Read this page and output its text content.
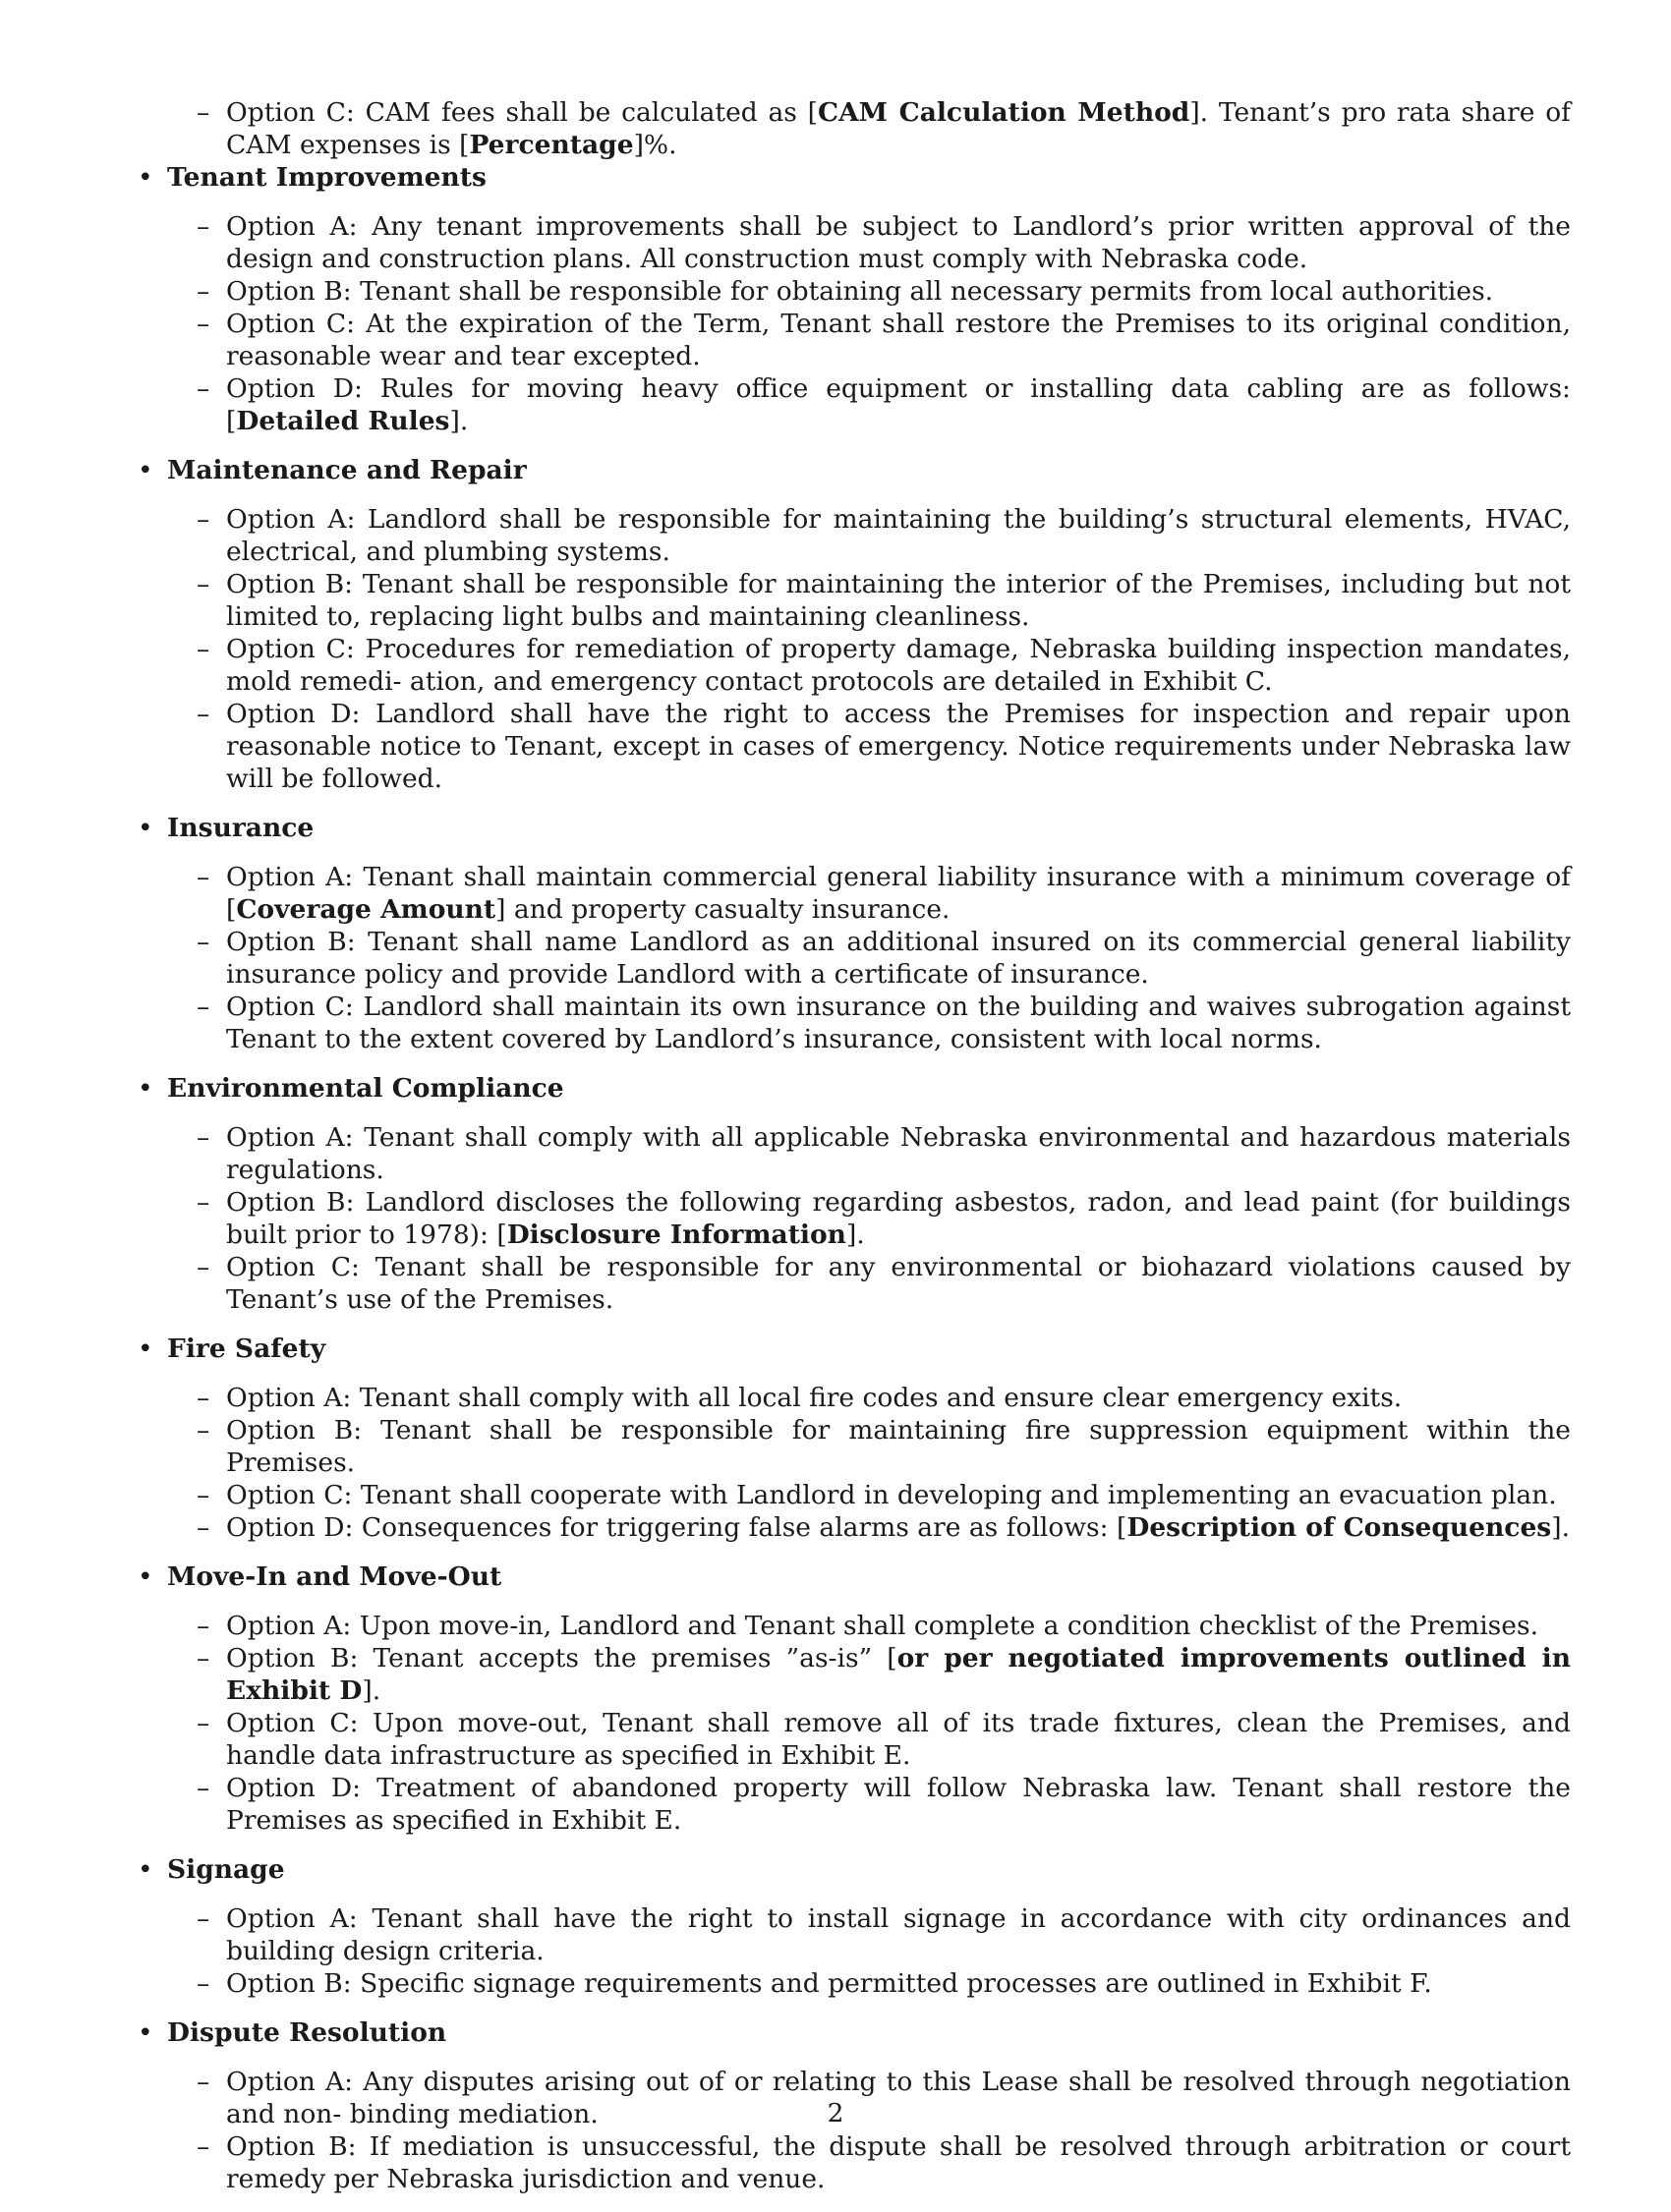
– Option C: CAM fees shall be calculated as [CAM Calculation Method]. Tenant’s pro rata share of CAM expenses is [Percentage]%.
• Tenant Improvements
– Option A: Any tenant improvements shall be subject to Landlord’s prior written approval of the design and construction plans. All construction must comply with Nebraska code.
– Option B: Tenant shall be responsible for obtaining all necessary permits from local authorities.
– Option C: At the expiration of the Term, Tenant shall restore the Premises to its original condition, reasonable wear and tear excepted.
– Option D: Rules for moving heavy office equipment or installing data cabling are as follows: [Detailed Rules].
• Maintenance and Repair
– Option A: Landlord shall be responsible for maintaining the building’s structural elements, HVAC, electrical, and plumbing systems.
– Option B: Tenant shall be responsible for maintaining the interior of the Premises, including but not limited to, replacing light bulbs and maintaining cleanliness.
– Option C: Procedures for remediation of property damage, Nebraska building inspection mandates, mold remedi- ation, and emergency contact protocols are detailed in Exhibit C.
– Option D: Landlord shall have the right to access the Premises for inspection and repair upon reasonable notice to Tenant, except in cases of emergency. Notice requirements under Nebraska law will be followed.
• Insurance
– Option A: Tenant shall maintain commercial general liability insurance with a minimum coverage of [Coverage Amount] and property casualty insurance.
– Option B: Tenant shall name Landlord as an additional insured on its commercial general liability insurance policy and provide Landlord with a certificate of insurance.
– Option C: Landlord shall maintain its own insurance on the building and waives subrogation against Tenant to the extent covered by Landlord’s insurance, consistent with local norms.
• Environmental Compliance
– Option A: Tenant shall comply with all applicable Nebraska environmental and hazardous materials regulations.
– Option B: Landlord discloses the following regarding asbestos, radon, and lead paint (for buildings built prior to 1978): [Disclosure Information].
– Option C: Tenant shall be responsible for any environmental or biohazard violations caused by Tenant’s use of the Premises.
• Fire Safety
– Option A: Tenant shall comply with all local fire codes and ensure clear emergency exits.
– Option B: Tenant shall be responsible for maintaining fire suppression equipment within the Premises.
– Option C: Tenant shall cooperate with Landlord in developing and implementing an evacuation plan.
– Option D: Consequences for triggering false alarms are as follows: [Description of Consequences].
• Move-In and Move-Out
– Option A: Upon move-in, Landlord and Tenant shall complete a condition checklist of the Premises.
– Option B: Tenant accepts the premises ”as-is” [or per negotiated improvements outlined in Exhibit D].
– Option C: Upon move-out, Tenant shall remove all of its trade fixtures, clean the Premises, and handle data infrastructure as specified in Exhibit E.
– Option D: Treatment of abandoned property will follow Nebraska law. Tenant shall restore the Premises as specified in Exhibit E.
• Signage
– Option A: Tenant shall have the right to install signage in accordance with city ordinances and building design criteria.
– Option B: Specific signage requirements and permitted processes are outlined in Exhibit F.
• Dispute Resolution
– Option A: Any disputes arising out of or relating to this Lease shall be resolved through negotiation and non- binding mediation.
– Option B: If mediation is unsuccessful, the dispute shall be resolved through arbitration or court remedy per Nebraska jurisdiction and venue.
2
